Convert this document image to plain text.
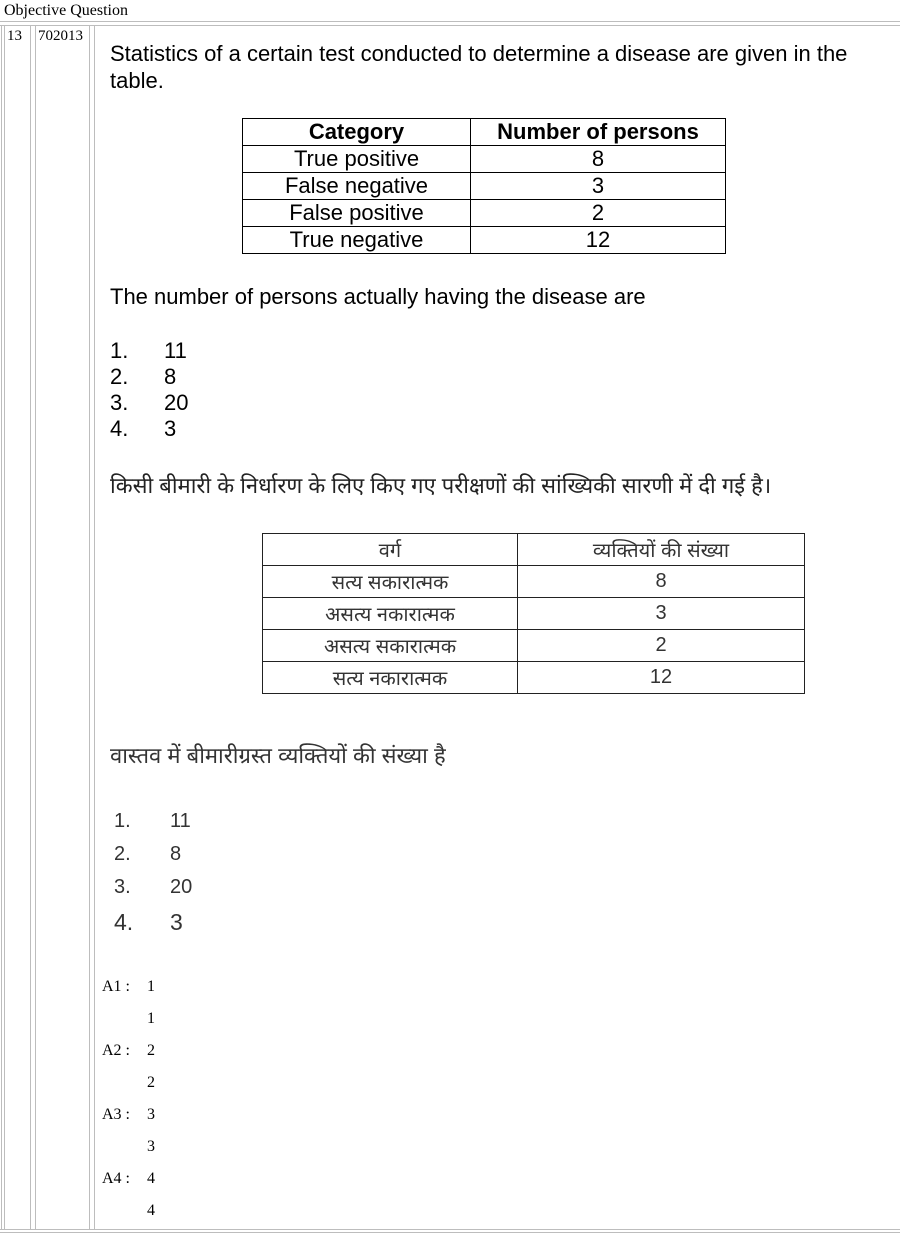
Objective Question
13 702013

Statistics of a certain test conducted to determine a disease are given in the table.

Category	Number of persons
True positive	8
False negative	3
False positive	2
True negative	12

The number of persons actually having the disease are

1.	11
2.	8
3.	20
4.	3

किसी बीमारी के निर्धारण के लिए किए गए परीक्षणों की सांख्यिकी सारणी में दी गई है।

वर्ग	व्यक्तियों की संख्या
सत्य सकारात्मक	8
असत्य नकारात्मक	3
असत्य सकारात्मक	2
सत्य नकारात्मक	12

वास्तव में बीमारीग्रस्त व्यक्तियों की संख्या है

1.	11
2.	8
3.	20
4.	3
A1 : 1
1
A2 : 2
2
A3 : 3
3
A4 : 4
4
